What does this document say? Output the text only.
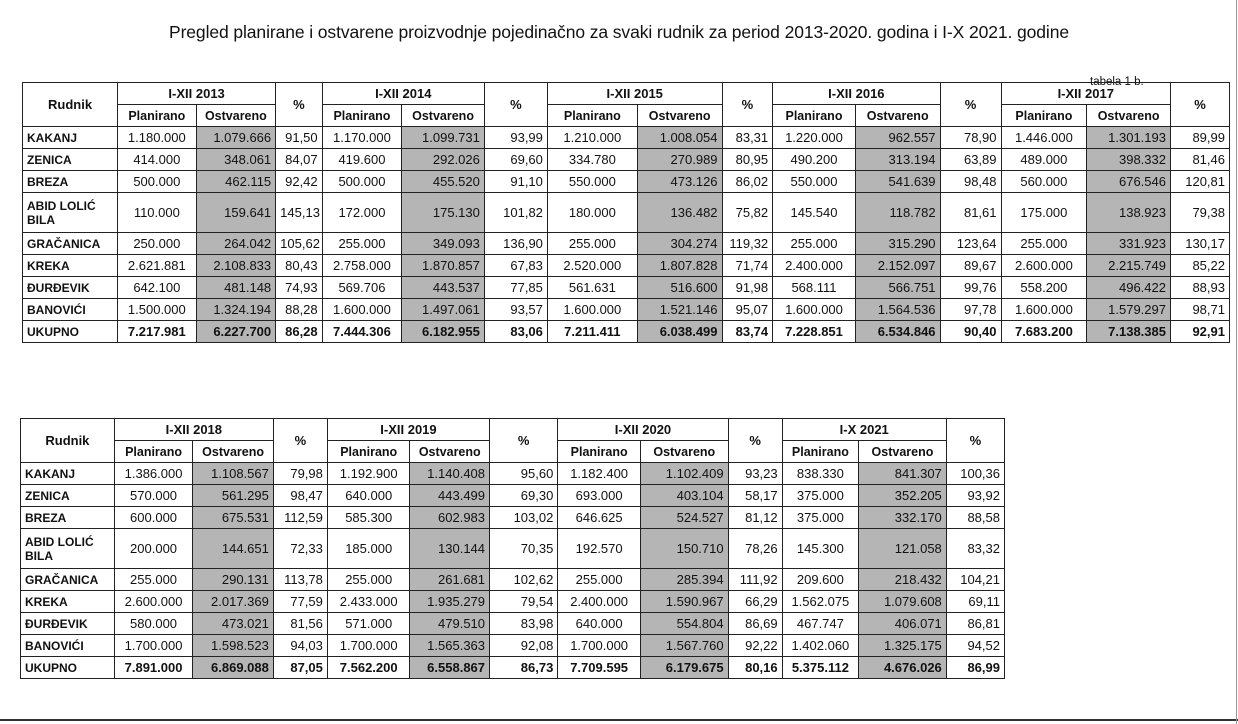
Pregled planirane i ostvarene proizvodnje pojedinačno za svaki rudnik za period 2013-2020. godina i I-X 2021. godine
tabela 1 b.
Rudnik	I-XII 2013		%	I-XII 2014		%	I-XII 2015		%	I-XII 2016		%	I-XII 2017		%
	Planirano	Ostvareno		Planirano	Ostvareno		Planirano	Ostvareno		Planirano	Ostvareno		Planirano	Ostvareno	
KAKANJ	1.180.000	1.079.666	91,50	1.170.000	1.099.731	93,99	1.210.000	1.008.054	83,31	1.220.000	962.557	78,90	1.446.000	1.301.193	89,99
ZENICA	414.000	348.061	84,07	419.600	292.026	69,60	334.780	270.989	80,95	490.200	313.194	63,89	489.000	398.332	81,46
BREZA	500.000	462.115	92,42	500.000	455.520	91,10	550.000	473.126	86,02	550.000	541.639	98,48	560.000	676.546	120,81
ABID LOLIĆ BILA	110.000	159.641	145,13	172.000	175.130	101,82	180.000	136.482	75,82	145.540	118.782	81,61	175.000	138.923	79,38
GRAČANICA	250.000	264.042	105,62	255.000	349.093	136,90	255.000	304.274	119,32	255.000	315.290	123,64	255.000	331.923	130,17
KREKA	2.621.881	2.108.833	80,43	2.758.000	1.870.857	67,83	2.520.000	1.807.828	71,74	2.400.000	2.152.097	89,67	2.600.000	2.215.749	85,22
ĐURĐEVIK	642.100	481.148	74,93	569.706	443.537	77,85	561.631	516.600	91,98	568.111	566.751	99,76	558.200	496.422	88,93
BANOVIĆI	1.500.000	1.324.194	88,28	1.600.000	1.497.061	93,57	1.600.000	1.521.146	95,07	1.600.000	1.564.536	97,78	1.600.000	1.579.297	98,71
UKUPNO	7.217.981	6.227.700	86,28	7.444.306	6.182.955	83,06	7.211.411	6.038.499	83,74	7.228.851	6.534.846	90,40	7.683.200	7.138.385	92,91
Rudnik	I-XII 2018		%	I-XII 2019		%	I-XII 2020		%	I-X 2021		%
	Planirano	Ostvareno		Planirano	Ostvareno		Planirano	Ostvareno		Planirano	Ostvareno	
KAKANJ	1.386.000	1.108.567	79,98	1.192.900	1.140.408	95,60	1.182.400	1.102.409	93,23	838.330	841.307	100,36
ZENICA	570.000	561.295	98,47	640.000	443.499	69,30	693.000	403.104	58,17	375.000	352.205	93,92
BREZA	600.000	675.531	112,59	585.300	602.983	103,02	646.625	524.527	81,12	375.000	332.170	88,58
ABID LOLIĆ BILA	200.000	144.651	72,33	185.000	130.144	70,35	192.570	150.710	78,26	145.300	121.058	83,32
GRAČANICA	255.000	290.131	113,78	255.000	261.681	102,62	255.000	285.394	111,92	209.600	218.432	104,21
KREKA	2.600.000	2.017.369	77,59	2.433.000	1.935.279	79,54	2.400.000	1.590.967	66,29	1.562.075	1.079.608	69,11
ĐURĐEVIK	580.000	473.021	81,56	571.000	479.510	83,98	640.000	554.804	86,69	467.747	406.071	86,81
BANOVIĆI	1.700.000	1.598.523	94,03	1.700.000	1.565.363	92,08	1.700.000	1.567.760	92,22	1.402.060	1.325.175	94,52
UKUPNO	7.891.000	6.869.088	87,05	7.562.200	6.558.867	86,73	7.709.595	6.179.675	80,16	5.375.112	4.676.026	86,99
